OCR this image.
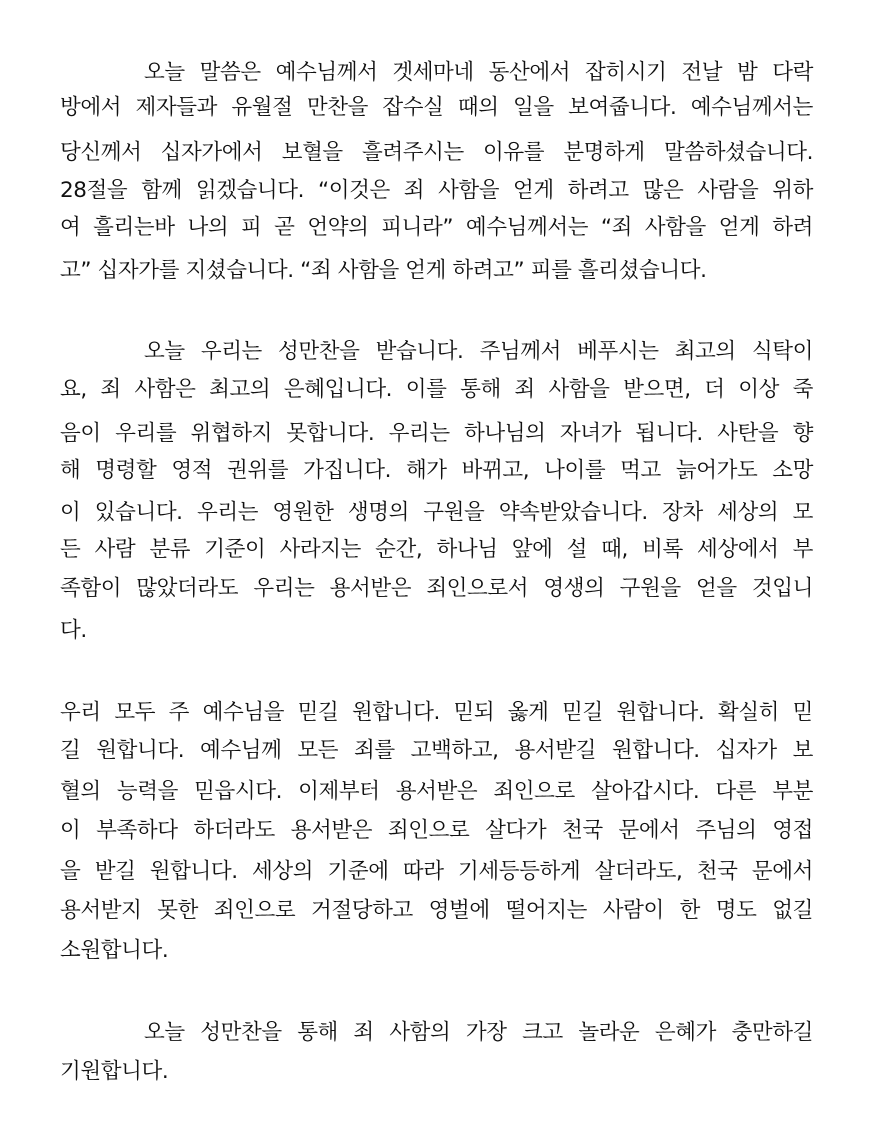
오늘 말씀은 예수님께서 겟세마네 동산에서 잡히시기 전날 밤 다락
방에서 제자들과 유월절 만찬을 잡수실 때의 일을 보여줍니다. 예수님께서는
당신께서 십자가에서 보혈을 흘려주시는 이유를 분명하게 말씀하셨습니다.
28절을 함께 읽겠습니다. “이것은 죄 사함을 얻게 하려고 많은 사람을 위하
여 흘리는바 나의 피 곧 언약의 피니라” 예수님께서는 “죄 사함을 얻게 하려
고” 십자가를 지셨습니다. “죄 사함을 얻게 하려고” 피를 흘리셨습니다.
오늘 우리는 성만찬을 받습니다. 주님께서 베푸시는 최고의 식탁이
요, 죄 사함은 최고의 은혜입니다. 이를 통해 죄 사함을 받으면, 더 이상 죽
음이 우리를 위협하지 못합니다. 우리는 하나님의 자녀가 됩니다. 사탄을 향
해 명령할 영적 권위를 가집니다. 해가 바뀌고, 나이를 먹고 늙어가도 소망
이 있습니다. 우리는 영원한 생명의 구원을 약속받았습니다. 장차 세상의 모
든 사람 분류 기준이 사라지는 순간, 하나님 앞에 설 때, 비록 세상에서 부
족함이 많았더라도 우리는 용서받은 죄인으로서 영생의 구원을 얻을 것입니
다.
우리 모두 주 예수님을 믿길 원합니다. 믿되 옳게 믿길 원합니다. 확실히 믿
길 원합니다. 예수님께 모든 죄를 고백하고, 용서받길 원합니다. 십자가 보
혈의 능력을 믿읍시다. 이제부터 용서받은 죄인으로 살아갑시다. 다른 부분
이 부족하다 하더라도 용서받은 죄인으로 살다가 천국 문에서 주님의 영접
을 받길 원합니다. 세상의 기준에 따라 기세등등하게 살더라도, 천국 문에서
용서받지 못한 죄인으로 거절당하고 영벌에 떨어지는 사람이 한 명도 없길
소원합니다.
오늘 성만찬을 통해 죄 사함의 가장 크고 놀라운 은혜가 충만하길
기원합니다.
